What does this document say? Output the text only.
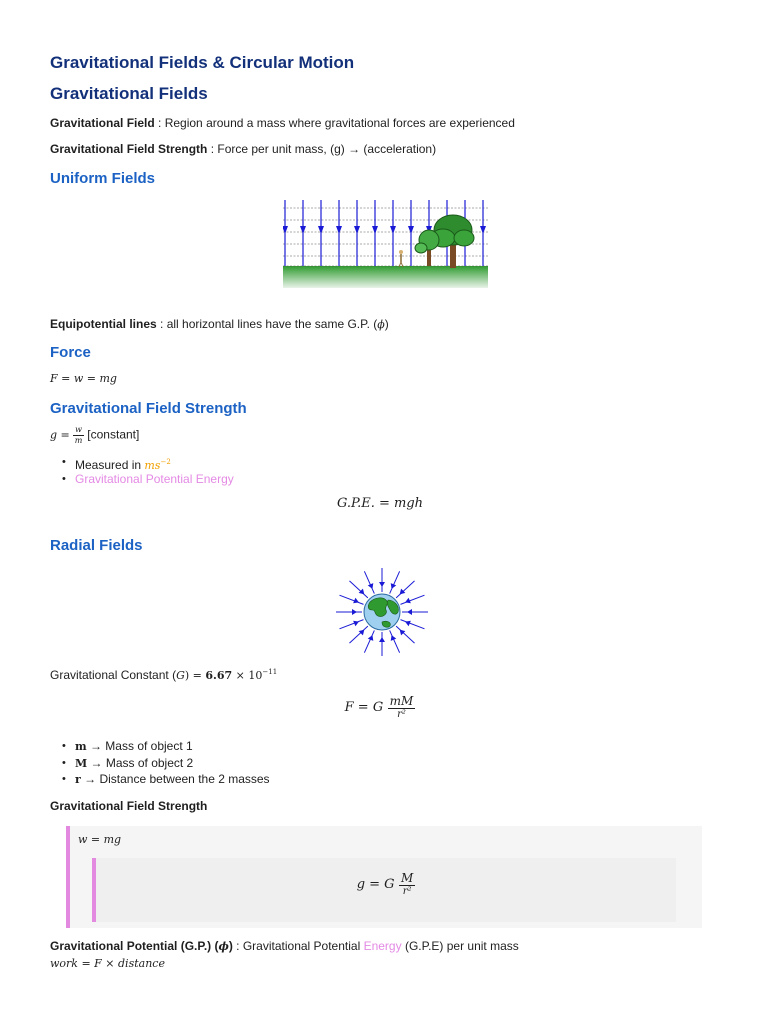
Gravitational Fields & Circular Motion
Gravitational Fields
Gravitational Field : Region around a mass where gravitational forces are experienced
Gravitational Field Strength : Force per unit mass, (g) → (acceleration)
Uniform Fields
Equipotential lines : all horizontal lines have the same G.P. (ϕ)
Force
F = w = mg
Gravitational Field Strength
$g = \frac{w}{m}$ [constant]
• Measured in $ms^{-2}$
• Gravitational Potential Energy
G.P.E. = mgh
Radial Fields
Gravitational Constant $(G) = 6.67 \times 10^{-11}$
F = G $\frac{mM}{\text{r²}}$
• m → Mass of object 1
• M → Mass of object 2
• r → Distance between the 2 masses
Gravitational Field Strength
w = mg
g = G $\frac{M}{\text{r²}}$
Gravitational Potential (G.P.) (ϕ) : Gravitational Potential Energy (G.P.E) per unit mass
work = F × distance
